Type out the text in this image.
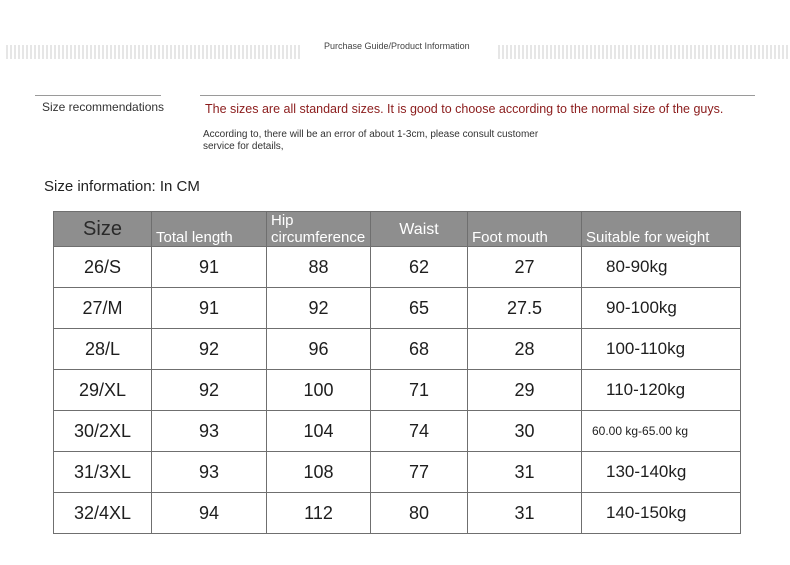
Purchase Guide/Product Information
Size recommendations	The sizes are all standard sizes. It is good to choose according to the normal size of the guys.
According to, there will be an error of about 1-3cm, please consult customer service for details,
Size information: In CM
Size	Total length	Hip circumference	Waist	Foot mouth	Suitable for weight
26/S	91	88	62	27	80-90kg
27/M	91	92	65	27.5	90-100kg
28/L	92	96	68	28	100-110kg
29/XL	92	100	71	29	110-120kg
30/2XL	93	104	74	30	60.00 kg-65.00 kg
31/3XL	93	108	77	31	130-140kg
32/4XL	94	112	80	31	140-150kg
